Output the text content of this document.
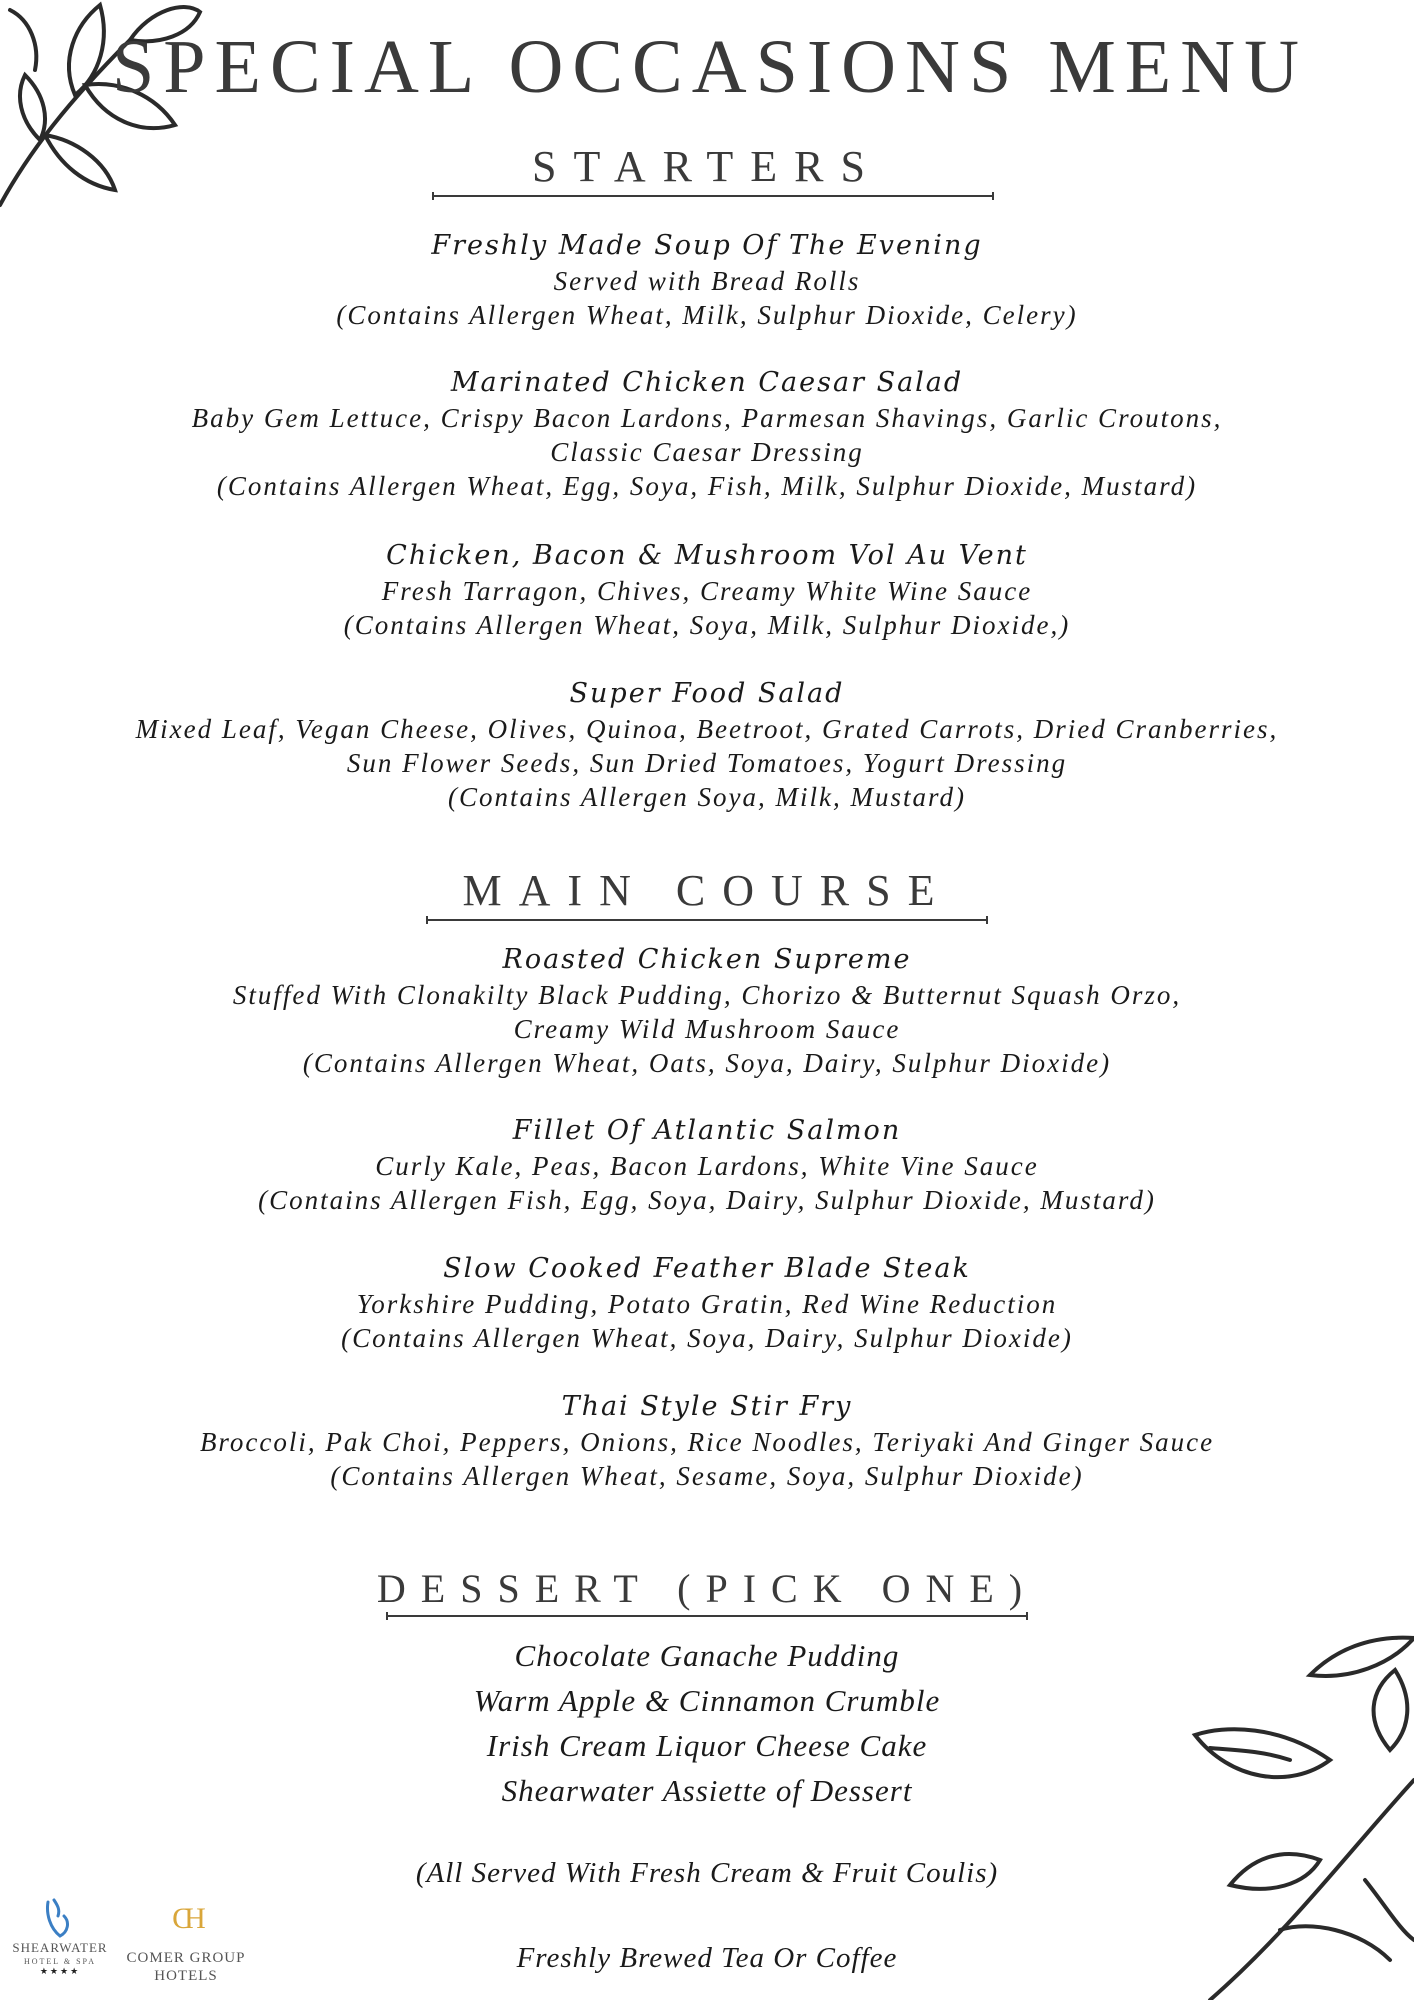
SPECIAL OCCASIONS MENU
STARTERS
Freshly Made Soup Of The Evening
Served with Bread Rolls
(Contains Allergen Wheat, Milk, Sulphur Dioxide, Celery)
Marinated Chicken Caesar Salad
Baby Gem Lettuce, Crispy Bacon Lardons, Parmesan Shavings, Garlic Croutons,
Classic Caesar Dressing
(Contains Allergen Wheat, Egg, Soya, Fish, Milk, Sulphur Dioxide, Mustard)
Chicken, Bacon & Mushroom Vol Au Vent
Fresh Tarragon, Chives, Creamy White Wine Sauce
(Contains Allergen Wheat, Soya, Milk, Sulphur Dioxide,)
Super Food Salad
Mixed Leaf, Vegan Cheese, Olives, Quinoa, Beetroot, Grated Carrots, Dried Cranberries,
Sun Flower Seeds, Sun Dried Tomatoes, Yogurt Dressing
(Contains Allergen Soya, Milk, Mustard)
MAIN COURSE
Roasted Chicken Supreme
Stuffed With Clonakilty Black Pudding, Chorizo & Butternut Squash Orzo,
Creamy Wild Mushroom Sauce
(Contains Allergen Wheat, Oats, Soya, Dairy, Sulphur Dioxide)
Fillet Of Atlantic Salmon
Curly Kale, Peas, Bacon Lardons, White Vine Sauce
(Contains Allergen Fish, Egg, Soya, Dairy, Sulphur Dioxide, Mustard)
Slow Cooked Feather Blade Steak
Yorkshire Pudding, Potato Gratin, Red Wine Reduction
(Contains Allergen Wheat, Soya, Dairy, Sulphur Dioxide)
Thai Style Stir Fry
Broccoli, Pak Choi, Peppers, Onions, Rice Noodles, Teriyaki And Ginger Sauce
(Contains Allergen Wheat, Sesame, Soya, Sulphur Dioxide)
DESSERT (PICK ONE)
Chocolate Ganache Pudding
Warm Apple & Cinnamon Crumble
Irish Cream Liquor Cheese Cake
Shearwater Assiette of Dessert
(All Served With Fresh Cream & Fruit Coulis)
Freshly Brewed Tea Or Coffee
SHEARWATER
HOTEL & SPA
★★★★
CH
COMER GROUP
HOTELS
